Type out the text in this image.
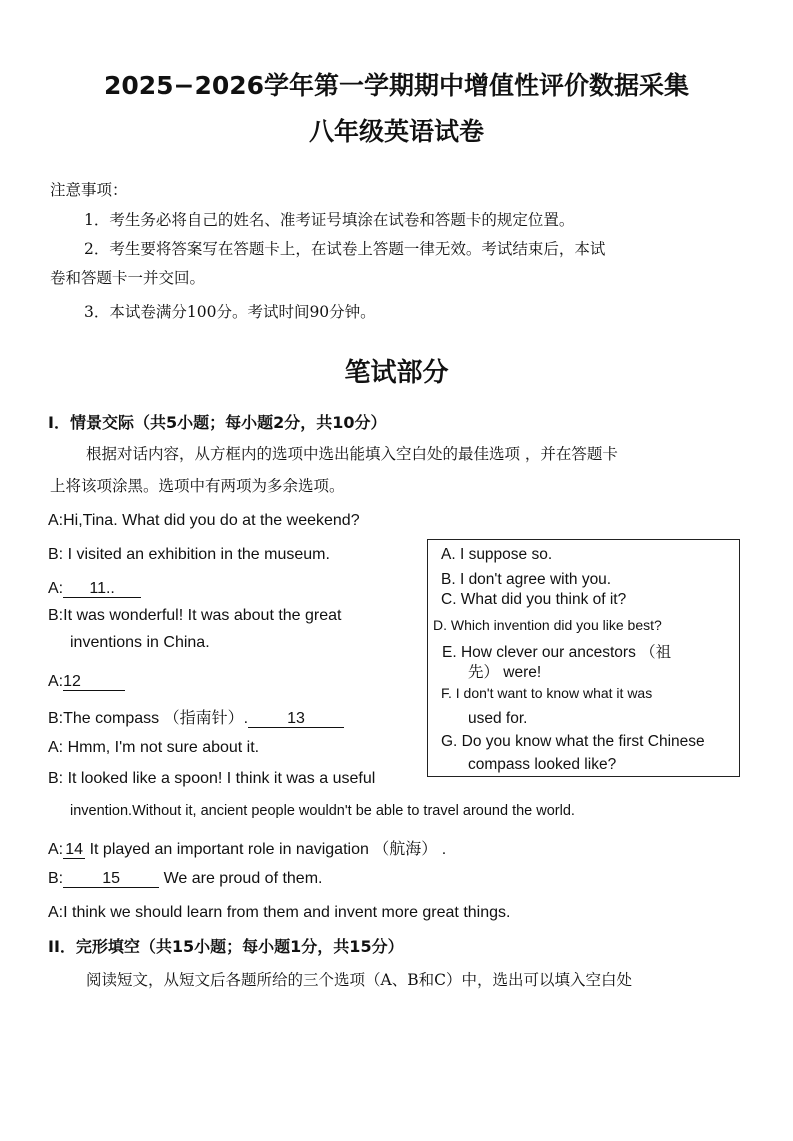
2025−2026学年第一学期期中增值性评价数据采集
八年级英语试卷
注意事项：
1．考生务必将自己的姓名、准考证号填涂在试卷和答题卡的规定位置。
2．考生要将答案写在答题卡上，在试卷上答题一律无效。考试结束后，本试
卷和答题卡一并交回。
3．本试卷满分100分。考试时间90分钟。
笔试部分
I．情景交际（共5小题；每小题2分，共10分）
根据对话内容，从方框内的选项中选出能填入空白处的最佳选项 ，并在答题卡
上将该项涂黑。选项中有两项为多余选项。
A:Hi,Tina. What did you do at the weekend?
B: I visited an exhibition in the museum.
A: 11..
B:It was wonderful! It was about the great
inventions in China.
A:12
B:The compass （指南针）. 13
A: Hmm, I'm not sure about it.
B: It looked like a spoon! I think it was a useful
invention.Without it, ancient people wouldn't be able to travel around the world.
A: 14 It played an important role in navigation （航海） .
B: 15	We are proud of them.
A:I think we should learn from them and invent more great things.
A. I suppose so.
B. I don't agree with you.
C. What did you think of it?
D. Which invention did you like best?
E. How clever our ancestors （祖
先） were!
F. I don't want to know what it was
used for.
G. Do you know what the first Chinese
compass looked like?
II．完形填空（共15小题；每小题1分，共15分）
阅读短文，从短文后各题所给的三个选项（A、B和C）中，选出可以填入空白处
